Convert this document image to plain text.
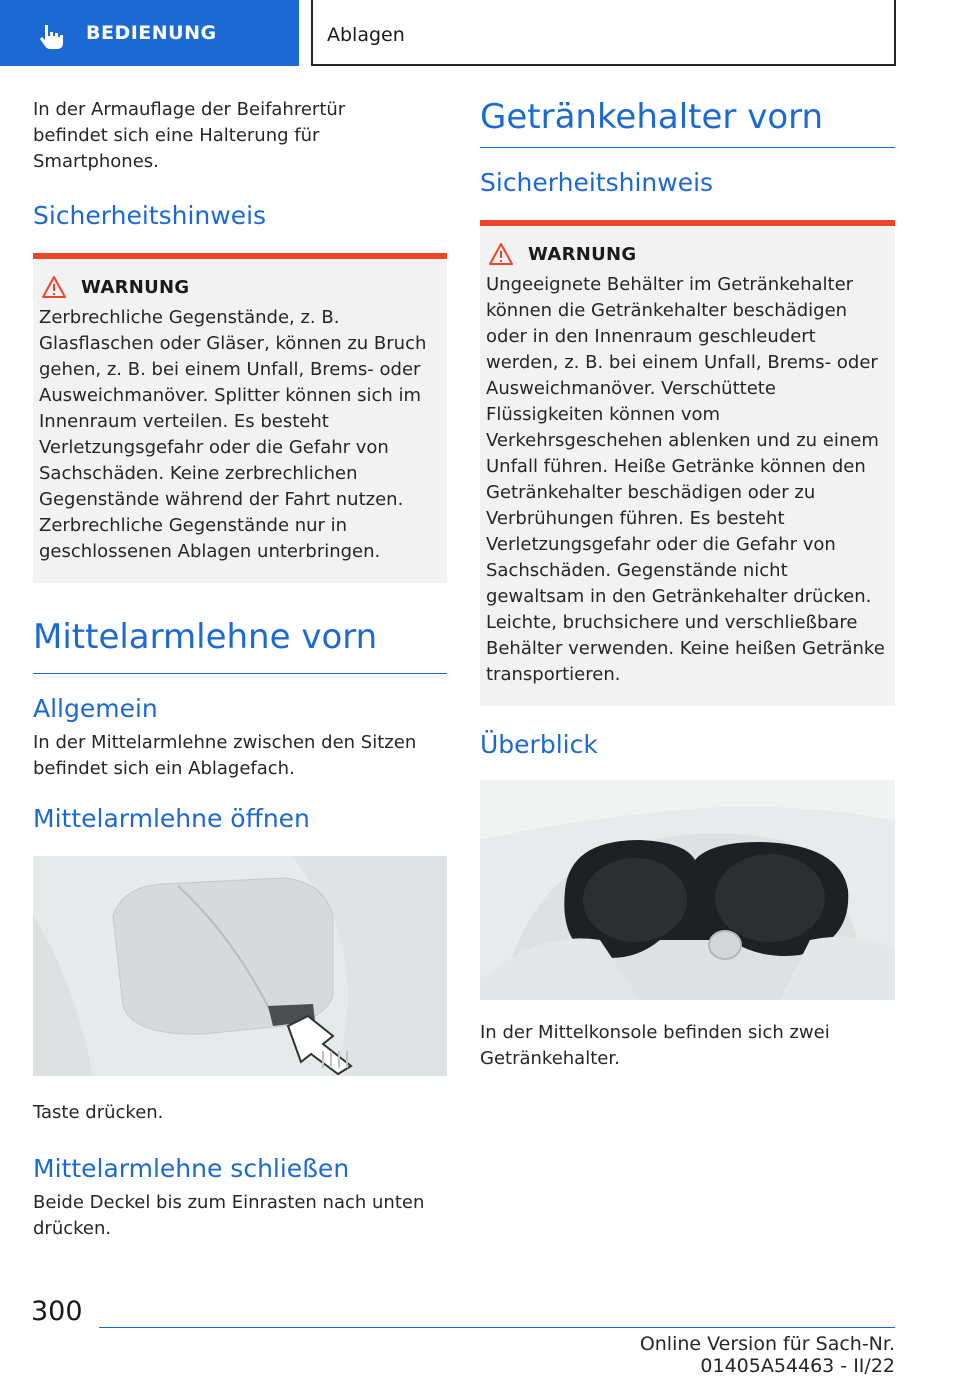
BEDIENUNG	Ablagen

In der Armauflage der Beifahrertür befindet sich eine Halterung für Smartphones.

Sicherheitshinweis
WARNUNG

Zerbrechliche Gegenstände, z. B. Glasflaschen oder Gläser, können zu Bruch gehen, z. B. bei einem Unfall, Brems- oder Ausweichmanöver. Splitter können sich im Innenraum verteilen. Es besteht Verletzungsgefahr oder die Gefahr von Sachschäden. Keine zerbrechlichen Gegenstände während der Fahrt nutzen. Zerbrechliche Gegenstände nur in geschlossenen Ablagen unterbringen.

Mittelarmlehne vorn
Allgemein

In der Mittelarmlehne zwischen den Sitzen befindet sich ein Ablagefach.

Mittelarmlehne öffnen

Taste drücken.

Mittelarmlehne schließen

Beide Deckel bis zum Einrasten nach unten drücken.

Getränkehalter vorn
Sicherheitshinweis
WARNUNG

Ungeeignete Behälter im Getränkehalter können die Getränkehalter beschädigen oder in den Innenraum geschleudert werden, z. B. bei einem Unfall, Brems- oder Ausweichmanöver. Verschüttete Flüssigkeiten können vom Verkehrsgeschehen ablenken und zu einem Unfall führen. Heiße Getränke können den Getränkehalter beschädigen oder zu Verbrühungen führen. Es besteht Verletzungsgefahr oder die Gefahr von Sachschäden. Gegenstände nicht gewaltsam in den Getränkehalter drücken. Leichte, bruchsichere und verschließbare Behälter verwenden. Keine heißen Getränke transportieren.

Überblick

In der Mittelkonsole befinden sich zwei Getränkehalter.

300
Online Version für Sach-Nr. 01405A54463 - II/22
